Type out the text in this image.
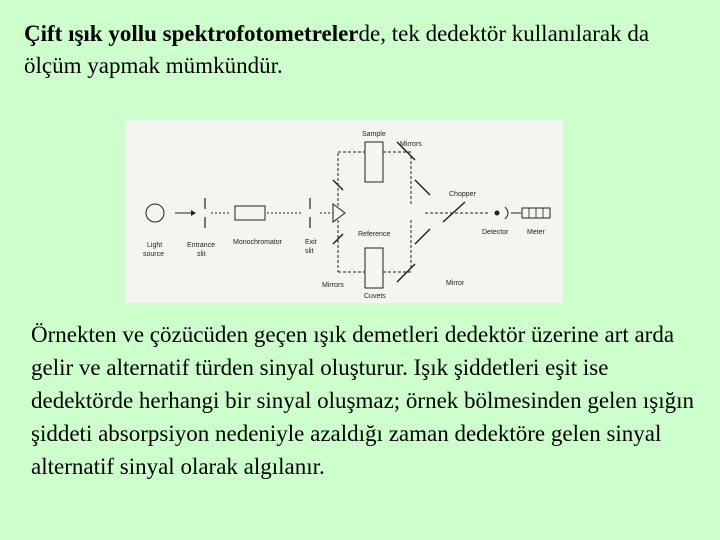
Çift ışık yollu spektrofotometrelerde, tek dedektör kullanılarak da ölçüm yapmak mümkündür.
Light
source
Entrance
slit
Monochromator	Exit
slit
Sample
Mirrors
Chopper
Reference	Detector	Meter
Mirrors	Mirror
Cuvets
Örnekten ve çözücüden geçen ışık demetleri dedektör üzerine art arda gelir ve alternatif türden sinyal oluşturur. Işık şiddetleri eşit ise dedektörde herhangi bir sinyal oluşmaz; örnek bölmesinden gelen ışığın şiddeti absorpsiyon nedeniyle azaldığı zaman dedektöre gelen sinyal alternatif sinyal olarak algılanır.
